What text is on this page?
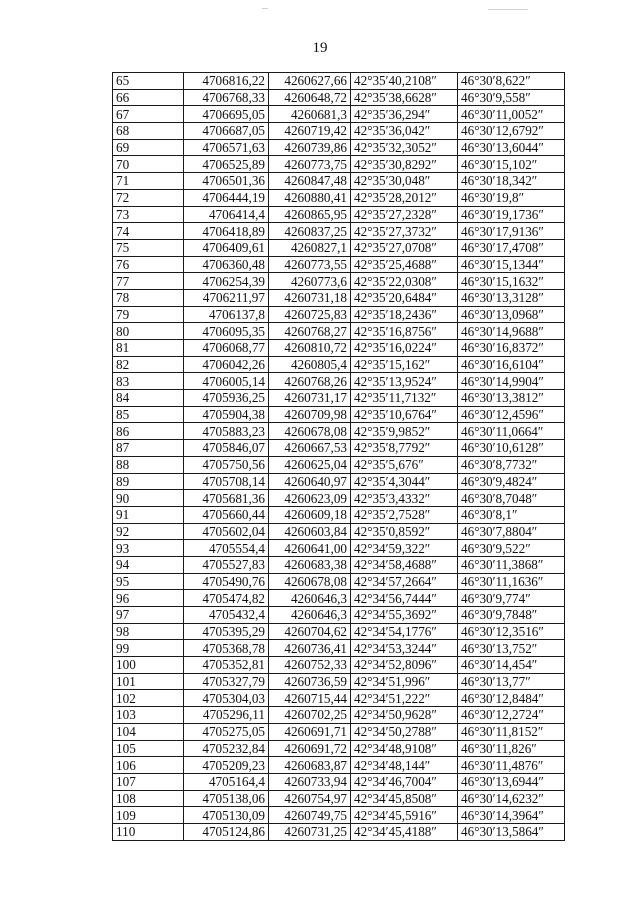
19
65	4706816,22	4260627,66	42°35′40,2108″	46°30′8,622″
66	4706768,33	4260648,72	42°35′38,6628″	46°30′9,558″
67	4706695,05	4260681,3	42°35′36,294″	46°30′11,0052″
68	4706687,05	4260719,42	42°35′36,042″	46°30′12,6792″
69	4706571,63	4260739,86	42°35′32,3052″	46°30′13,6044″
70	4706525,89	4260773,75	42°35′30,8292″	46°30′15,102″
71	4706501,36	4260847,48	42°35′30,048″	46°30′18,342″
72	4706444,19	4260880,41	42°35′28,2012″	46°30′19,8″
73	4706414,4	4260865,95	42°35′27,2328″	46°30′19,1736″
74	4706418,89	4260837,25	42°35′27,3732″	46°30′17,9136″
75	4706409,61	4260827,1	42°35′27,0708″	46°30′17,4708″
76	4706360,48	4260773,55	42°35′25,4688″	46°30′15,1344″
77	4706254,39	4260773,6	42°35′22,0308″	46°30′15,1632″
78	4706211,97	4260731,18	42°35′20,6484″	46°30′13,3128″
79	4706137,8	4260725,83	42°35′18,2436″	46°30′13,0968″
80	4706095,35	4260768,27	42°35′16,8756″	46°30′14,9688″
81	4706068,77	4260810,72	42°35′16,0224″	46°30′16,8372″
82	4706042,26	4260805,4	42°35′15,162″	46°30′16,6104″
83	4706005,14	4260768,26	42°35′13,9524″	46°30′14,9904″
84	4705936,25	4260731,17	42°35′11,7132″	46°30′13,3812″
85	4705904,38	4260709,98	42°35′10,6764″	46°30′12,4596″
86	4705883,23	4260678,08	42°35′9,9852″	46°30′11,0664″
87	4705846,07	4260667,53	42°35′8,7792″	46°30′10,6128″
88	4705750,56	4260625,04	42°35′5,676″	46°30′8,7732″
89	4705708,14	4260640,97	42°35′4,3044″	46°30′9,4824″
90	4705681,36	4260623,09	42°35′3,4332″	46°30′8,7048″
91	4705660,44	4260609,18	42°35′2,7528″	46°30′8,1″
92	4705602,04	4260603,84	42°35′0,8592″	46°30′7,8804″
93	4705554,4	4260641,00	42°34′59,322″	46°30′9,522″
94	4705527,83	4260683,38	42°34′58,4688″	46°30′11,3868″
95	4705490,76	4260678,08	42°34′57,2664″	46°30′11,1636″
96	4705474,82	4260646,3	42°34′56,7444″	46°30′9,774″
97	4705432,4	4260646,3	42°34′55,3692″	46°30′9,7848″
98	4705395,29	4260704,62	42°34′54,1776″	46°30′12,3516″
99	4705368,78	4260736,41	42°34′53,3244″	46°30′13,752″
100	4705352,81	4260752,33	42°34′52,8096″	46°30′14,454″
101	4705327,79	4260736,59	42°34′51,996″	46°30′13,77″
102	4705304,03	4260715,44	42°34′51,222″	46°30′12,8484″
103	4705296,11	4260702,25	42°34′50,9628″	46°30′12,2724″
104	4705275,05	4260691,71	42°34′50,2788″	46°30′11,8152″
105	4705232,84	4260691,72	42°34′48,9108″	46°30′11,826″
106	4705209,23	4260683,87	42°34′48,144″	46°30′11,4876″
107	4705164,4	4260733,94	42°34′46,7004″	46°30′13,6944″
108	4705138,06	4260754,97	42°34′45,8508″	46°30′14,6232″
109	4705130,09	4260749,75	42°34′45,5916″	46°30′14,3964″
110	4705124,86	4260731,25	42°34′45,4188″	46°30′13,5864″
